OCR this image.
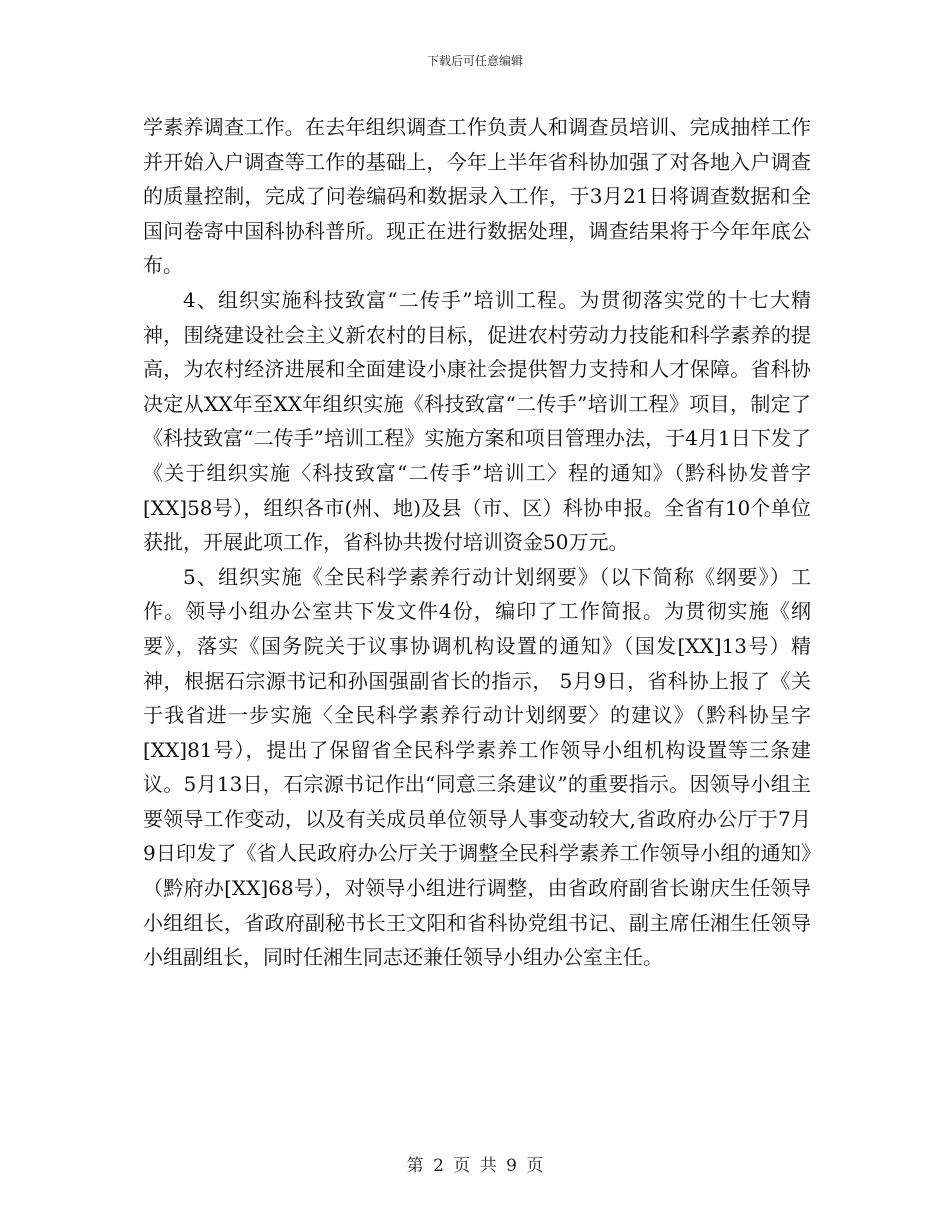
下载后可任意编辑

学素养调查工作。在去年组织调查工作负责人和调查员培训、完成抽样工作并开始入户调查等工作的基础上，今年上半年省科协加强了对各地入户调查的质量控制，完成了问卷编码和数据录入工作，于3月21日将调查数据和全国问卷寄中国科协科普所。现正在进行数据处理，调查结果将于今年年底公布。

4、组织实施科技致富“二传手”培训工程。为贯彻落实党的十七大精神，围绕建设社会主义新农村的目标，促进农村劳动力技能和科学素养的提高，为农村经济进展和全面建设小康社会提供智力支持和人才保障。省科协决定从XX年至XX年组织实施《科技致富“二传手”培训工程》项目，制定了《科技致富“二传手”培训工程》实施方案和项目管理办法，于4月1日下发了《关于组织实施〈科技致富“二传手”培训工〉程的通知》（黔科协发普字[XX]58号），组织各市(州、地)及县（市、区）科协申报。全省有10个单位获批，开展此项工作，省科协共拨付培训资金50万元。

5、组织实施《全民科学素养行动计划纲要》（以下简称《纲要》）工作。领导小组办公室共下发文件4份，编印了工作简报。为贯彻实施《纲要》，落实《国务院关于议事协调机构设置的通知》（国发[XX]13号）精神，根据石宗源书记和孙国强副省长的指示， 5月9日，省科协上报了《关于我省进一步实施〈全民科学素养行动计划纲要〉的建议》（黔科协呈字[XX]81号），提出了保留省全民科学素养工作领导小组机构设置等三条建议。5月13日，石宗源书记作出“同意三条建议”的重要指示。因领导小组主要领导工作变动，以及有关成员单位领导人事变动较大,省政府办公厅于7月9日印发了《省人民政府办公厅关于调整全民科学素养工作领导小组的通知》（黔府办[XX]68号），对领导小组进行调整，由省政府副省长谢庆生任领导小组组长，省政府副秘书长王文阳和省科协党组书记、副主席任湘生任领导小组副组长，同时任湘生同志还兼任领导小组办公室主任。

第 2 页 共 9 页
